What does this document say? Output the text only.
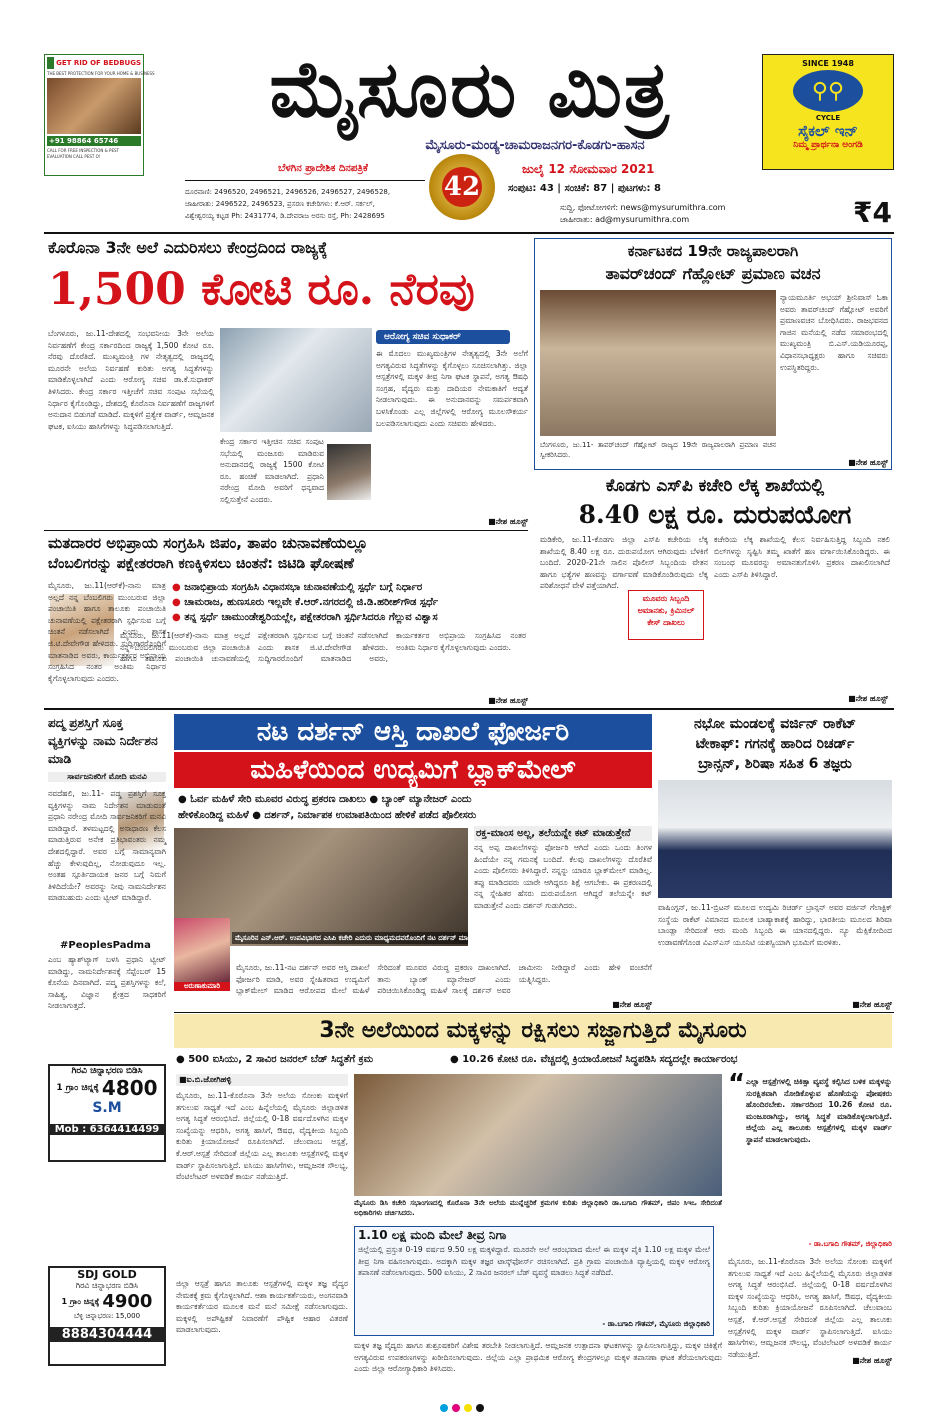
GET RID OF BEDBUGS
THE BEST PROTECTION FOR YOUR HOME & BUSINESS
+91 98864 65746
CALL FOR FREE INSPECTION & PEST EVALUATION CALL PEST O!
ಮೈಸೂರು ಮಿತ್ರ
ಮೈಸೂರು-ಮಂಡ್ಯ-ಚಾಮರಾಜನಗರ-ಕೊಡಗು-ಹಾಸನ
ಬೆಳಗಿನ ಪ್ರಾದೇಶಿಕ ದಿನಪತ್ರಿಕೆ
42
ಜುಲೈ 12 ಸೋಮವಾರ 2021
ದೂರವಾಣಿ: 2496520, 2496521, 2496526, 2496527, 2496528,
ಜಾಹೀರಾತು: 2496522, 2496523, ಪ್ರಸರಣ ಕಚೇರಿಗಳು: ಕೆ.ಆರ್. ಸರ್ಕಲ್,
ವಿಶ್ವೇಶ್ವರಯ್ಯ ಕಟ್ಟಡ Ph: 2431774, ಡಿ.ದೇವರಾಜ ಅರಸು ರಸ್ತೆ, Ph: 2428695
ಸಂಪುಟ: 43 | ಸಂಚಿಕೆ: 87 | ಪುಟಗಳು: 8
ಸುದ್ದಿ, ಫೋಟೋಗಳಿಗೆ: news@mysurumithra.com
ಜಾಹೀರಾತು: ad@mysurumithra.com	₹4
SINCE 1948
⚲⚲
CYCLE
ಸೈಕಲ್ ಇನ್
ನಿಮ್ಮ ಪ್ರಾರ್ಥನಾ ಅಂಗಡಿ
ಕೊರೊನಾ 3ನೇ ಅಲೆ ಎದುರಿಸಲು ಕೇಂದ್ರದಿಂದ ರಾಜ್ಯಕ್ಕೆ
1,500 ಕೋಟಿ ರೂ. ನೆರವು
ಬೆಂಗಳೂರು, ಜು.11-ದೇಶದಲ್ಲಿ ಸಂಭವನೀಯ 3ನೇ ಅಲೆಯ ನಿರ್ವಹಣೆಗೆ ಕೇಂದ್ರ ಸರ್ಕಾರದಿಂದ ರಾಜ್ಯಕ್ಕೆ 1,500 ಕೋಟಿ ರೂ. ನೆರವು ದೊರೆತಿದೆ. ಮುಖ್ಯಮಂತ್ರಿ ಗಳ ನೇತೃತ್ವದಲ್ಲಿ ರಾಜ್ಯದಲ್ಲಿ ಮೂರನೇ ಅಲೆಯ ನಿರ್ವಹಣೆ ಕುರಿತು ಅಗತ್ಯ ಸಿದ್ಧತೆಗಳನ್ನು ಮಾಡಿಕೊಳ್ಳಲಾಗಿದೆ ಎಂದು ಆರೋಗ್ಯ ಸಚಿವ ಡಾ.ಕೆ.ಸುಧಾಕರ್ ತಿಳಿಸಿದರು. ಕೇಂದ್ರ ಸರ್ಕಾರ ಇತ್ತೀಚೆಗೆ ಸಚಿವ ಸಂಪುಟ ಸಭೆಯಲ್ಲಿ ನಿರ್ಧಾರ ಕೈಗೊಂಡಿದ್ದು, ದೇಶದಲ್ಲಿ ಕೊರೊನಾ ನಿರ್ವಹಣೆಗೆ ರಾಜ್ಯಗಳಿಗೆ ಅನುದಾನ ಬಿಡುಗಡೆ ಮಾಡಿದೆ. ಮಕ್ಕಳಿಗೆ ಪ್ರತ್ಯೇಕ ವಾರ್ಡ್, ಆಮ್ಲಜನಕ ಘಟಕ, ಐಸಿಯು ಹಾಸಿಗೆಗಳನ್ನು ಸಿದ್ಧಪಡಿಸಲಾಗುತ್ತಿದೆ.
ಕೇಂದ್ರ ಸರ್ಕಾರ ಇತ್ತೀಚಿನ ಸಚಿವ ಸಂಪುಟ ಸಭೆಯಲ್ಲಿ ಮಂಜೂರು ಮಾಡಿರುವ ಅನುದಾನದಲ್ಲಿ ರಾಜ್ಯಕ್ಕೆ 1500 ಕೋಟಿ ರೂ. ಹಂಚಿಕೆ ಮಾಡಲಾಗಿದೆ. ಪ್ರಧಾನಿ ನರೇಂದ್ರ ಮೋದಿ ಅವರಿಗೆ ಧನ್ಯವಾದ ಸಲ್ಲಿಸುತ್ತೇನೆ ಎಂದರು.
ಆರೋಗ್ಯ ಸಚಿವ ಸುಧಾಕರ್
ಈ ಮೊದಲು ಮುಖ್ಯಮಂತ್ರಿಗಳ ನೇತೃತ್ವದಲ್ಲಿ 3ನೇ ಅಲೆಗೆ ಅಗತ್ಯವಿರುವ ಸಿದ್ಧತೆಗಳನ್ನು ಕೈಗೊಳ್ಳಲು ಸೂಚಿಸಲಾಗಿತ್ತು. ಜಿಲ್ಲಾ ಆಸ್ಪತ್ರೆಗಳಲ್ಲಿ ಮಕ್ಕಳ ತೀವ್ರ ನಿಗಾ ಘಟಕ ಸ್ಥಾಪನೆ, ಅಗತ್ಯ ಔಷಧಿ ಸಂಗ್ರಹ, ವೈದ್ಯರು ಮತ್ತು ದಾದಿಯರ ನೇಮಕಾತಿಗೆ ಆದ್ಯತೆ ನೀಡಲಾಗುವುದು. ಈ ಅನುದಾನವನ್ನು ಸಮರ್ಪಕವಾಗಿ ಬಳಸಿಕೊಂಡು ಎಲ್ಲ ಜಿಲ್ಲೆಗಳಲ್ಲಿ ಆರೋಗ್ಯ ಮೂಲಸೌಕರ್ಯ ಬಲಪಡಿಸಲಾಗುವುದು ಎಂದು ಸಚಿವರು ಹೇಳಿದರು.
■ನೇಶ ಹೂಸ್ಟ್
ಕರ್ನಾಟಕದ 19ನೇ ರಾಜ್ಯಪಾಲರಾಗಿ
ತಾವರ್‌ಚಂದ್ ಗೆಹ್ಲೋಟ್ ಪ್ರಮಾಣ ವಚನ
ನ್ಯಾಯಮೂರ್ತಿ ಅಭಯ್ ಶ್ರೀನಿವಾಸ್ ಓಕಾ ಅವರು ತಾವರ್‌ಚಂದ್ ಗೆಹ್ಲೋಟ್ ಅವರಿಗೆ ಪ್ರಮಾಣವಚನ ಬೋಧಿಸಿದರು. ರಾಜಭವನದ ಗಾಜಿನ ಮನೆಯಲ್ಲಿ ನಡೆದ ಸಮಾರಂಭದಲ್ಲಿ ಮುಖ್ಯಮಂತ್ರಿ ಬಿ.ಎಸ್.ಯಡಿಯೂರಪ್ಪ, ವಿಧಾನಸಭಾಧ್ಯಕ್ಷರು ಹಾಗೂ ಸಚಿವರು ಉಪಸ್ಥಿತರಿದ್ದರು.
ಬೆಂಗಳೂರು, ಜು.11- ತಾವರ್‌ಚಂದ್ ಗೆಹ್ಲೋಟ್ ರಾಜ್ಯದ 19ನೇ ರಾಜ್ಯಪಾಲರಾಗಿ ಪ್ರಮಾಣ ವಚನ ಸ್ವೀಕರಿಸಿದರು.
■ನೇಶ ಹೂಸ್ಟ್
ಕೊಡಗು ಎಸ್‌ಪಿ ಕಚೇರಿ ಲೆಕ್ಕ ಶಾಖೆಯಲ್ಲಿ
8.40 ಲಕ್ಷ ರೂ. ದುರುಪಯೋಗ
ಮಡಿಕೇರಿ, ಜು.11-ಕೊಡಗು ಜಿಲ್ಲಾ ಎಸ್‌ಪಿ ಕಚೇರಿಯ ಲೆಕ್ಕ ಶಾಖೆಯಲ್ಲಿ 8.40 ಲಕ್ಷ ರೂ. ದುರುಪಯೋಗ ಆಗಿರುವುದು ಬೆಳಕಿಗೆ ಬಂದಿದೆ. 2020-21ನೇ ಸಾಲಿನ ಪೊಲೀಸ್ ಸಿಬ್ಬಂದಿಯ ವೇತನ ಹಾಗೂ ಭತ್ಯೆಗಳ ಹಣವನ್ನು ವರ್ಗಾವಣೆ ಮಾಡಿಕೊಂಡಿರುವುದು ಲೆಕ್ಕ ಪರಿಶೋಧನೆ ವೇಳೆ ಪತ್ತೆಯಾಗಿದೆ.
ಮೂವರು ಸಿಬ್ಬಂದಿ ಅಮಾನತು, ಕ್ರಿಮಿನಲ್ ಕೇಸ್ ದಾಖಲು
ಕಚೇರಿಯ ಲೆಕ್ಕ ಶಾಖೆಯಲ್ಲಿ ಕೆಲಸ ನಿರ್ವಹಿಸುತ್ತಿದ್ದ ಸಿಬ್ಬಂದಿ ನಕಲಿ ಬಿಲ್‌ಗಳನ್ನು ಸೃಷ್ಟಿಸಿ ತಮ್ಮ ಖಾತೆಗೆ ಹಣ ವರ್ಗಾಯಿಸಿಕೊಂಡಿದ್ದರು. ಈ ಸಂಬಂಧ ಮೂವರನ್ನು ಅಮಾನತುಗೊಳಿಸಿ ಪ್ರಕರಣ ದಾಖಲಿಸಲಾಗಿದೆ ಎಂದು ಎಸ್‌ಪಿ ತಿಳಿಸಿದ್ದಾರೆ.
■ನೇಶ ಹೂಸ್ಟ್
ಮತದಾರರ ಅಭಿಪ್ರಾಯ ಸಂಗ್ರಹಿಸಿ ಜಿಪಂ, ತಾಪಂ ಚುನಾವಣೆಯಲ್ಲೂ
ಬೆಂಬಲಿಗರನ್ನು ಪಕ್ಷೇತರರಾಗಿ ಕಣಕ್ಕಿಳಿಸಲು ಚಿಂತನೆ: ಜಿಟಿಡಿ ಘೋಷಣೆ
● ಜನಾಭಿಪ್ರಾಯ ಸಂಗ್ರಹಿಸಿ ವಿಧಾನಸಭಾ ಚುನಾವಣೆಯಲ್ಲಿ ಸ್ಪರ್ಧೆ ಬಗ್ಗೆ ನಿರ್ಧಾರ
● ಚಾಮರಾಜ, ಹುಣಸೂರು ಇಲ್ಲವೇ ಕೆ.ಆರ್.ನಗರದಲ್ಲಿ ಜಿ.ಡಿ.ಹರೀಶ್‌ಗೌಡ ಸ್ಪರ್ಧೆ
● ತನ್ನ ಸ್ಪರ್ಧೆ ಚಾಮುಂಡೇಶ್ವರಿಯಲ್ಲೇ, ಪಕ್ಷೇತರರಾಗಿ ಸ್ಪರ್ಧಿಸಿದರೂ ಗೆಲ್ಲುವ ವಿಶ್ವಾಸ
ಮೈಸೂರು, ಜು.11(ಆರ್‌ಕೆ)-ನಾನು ಮಾತ್ರ ಅಲ್ಲದೆ ನನ್ನ ಬೆಂಬಲಿಗರು ಮುಂಬರುವ ಜಿಲ್ಲಾ ಪಂಚಾಯಿತಿ ಹಾಗೂ ತಾಲೂಕು ಪಂಚಾಯಿತಿ ಚುನಾವಣೆಯಲ್ಲಿ ಪಕ್ಷೇತರರಾಗಿ ಸ್ಪರ್ಧಿಸುವ ಬಗ್ಗೆ ಚಿಂತನೆ ನಡೆಸಲಾಗಿದೆ ಎಂದು ಶಾಸಕ ಜಿ.ಟಿ.ದೇವೇಗೌಡ ಹೇಳಿದರು. ಸುದ್ದಿಗಾರರೊಂದಿಗೆ ಮಾತನಾಡಿದ ಅವರು, ಕಾರ್ಯಕರ್ತರ ಅಭಿಪ್ರಾಯ ಸಂಗ್ರಹಿಸಿದ ನಂತರ ಅಂತಿಮ ನಿರ್ಧಾರ ಕೈಗೊಳ್ಳಲಾಗುವುದು ಎಂದರು.
ಮೈಸೂರು, ಜು.11(ಆರ್‌ಕೆ)-ನಾನು ಮಾತ್ರ ಅಲ್ಲದೆ ನನ್ನ ಬೆಂಬಲಿಗರು ಮುಂಬರುವ ಜಿಲ್ಲಾ ಪಂಚಾಯಿತಿ ಹಾಗೂ ತಾಲೂಕು ಪಂಚಾಯಿತಿ ಚುನಾವಣೆಯಲ್ಲಿ ಪಕ್ಷೇತರರಾಗಿ ಸ್ಪರ್ಧಿಸುವ ಬಗ್ಗೆ ಚಿಂತನೆ ನಡೆಸಲಾಗಿದೆ ಎಂದು ಶಾಸಕ ಜಿ.ಟಿ.ದೇವೇಗೌಡ ಹೇಳಿದರು. ಸುದ್ದಿಗಾರರೊಂದಿಗೆ ಮಾತನಾಡಿದ ಅವರು, ಕಾರ್ಯಕರ್ತರ ಅಭಿಪ್ರಾಯ ಸಂಗ್ರಹಿಸಿದ ನಂತರ ಅಂತಿಮ ನಿರ್ಧಾರ ಕೈಗೊಳ್ಳಲಾಗುವುದು ಎಂದರು.
■ನೇಶ ಹೂಸ್ಟ್
ಪದ್ಮ ಪ್ರಶಸ್ತಿಗೆ ಸೂಕ್ತ ವ್ಯಕ್ತಿಗಳನ್ನು ನಾಮ ನಿರ್ದೇಶನ ಮಾಡಿ
ಸಾರ್ವಜನಿಕರಿಗೆ ಮೋದಿ ಮನವಿ
ನವದೆಹಲಿ, ಜು.11- ಪದ್ಮ ಪ್ರಶಸ್ತಿಗೆ ಸೂಕ್ತ ವ್ಯಕ್ತಿಗಳನ್ನು ನಾಮ ನಿರ್ದೇಶನ ಮಾಡುವಂತೆ ಪ್ರಧಾನಿ ನರೇಂದ್ರ ಮೋದಿ ಸಾರ್ವಜನಿಕರಿಗೆ ಮನವಿ ಮಾಡಿದ್ದಾರೆ. ತಳಮಟ್ಟದಲ್ಲಿ ಅಸಾಧಾರಣ ಕೆಲಸ ಮಾಡುತ್ತಿರುವ ಅನೇಕ ಪ್ರತಿಭಾವಂತರು ನಮ್ಮ ದೇಶದಲ್ಲಿದ್ದಾರೆ. ಅವರ ಬಗ್ಗೆ ಸಾಮಾನ್ಯವಾಗಿ ಹೆಚ್ಚು ಕೇಳುವುದಿಲ್ಲ, ನೋಡುವುದೂ ಇಲ್ಲ. ಅಂತಹ ಸ್ಪೂರ್ತಿದಾಯಕ ಜನರ ಬಗ್ಗೆ ನಿಮಗೆ ತಿಳಿದಿದೆಯೇ? ಅವರನ್ನು ನೀವು ನಾಮನಿರ್ದೇಶನ ಮಾಡಬಹುದು ಎಂದು ಟ್ವೀಟ್ ಮಾಡಿದ್ದಾರೆ.
#PeoplesPadma
ಎಂಬ ಹ್ಯಾಶ್‌ಟ್ಯಾಗ್ ಬಳಸಿ ಪ್ರಧಾನಿ ಟ್ವೀಟ್ ಮಾಡಿದ್ದು, ನಾಮನಿರ್ದೇಶನಕ್ಕೆ ಸೆಪ್ಟೆಂಬರ್ 15 ಕೊನೆಯ ದಿನವಾಗಿದೆ. ಪದ್ಮ ಪ್ರಶಸ್ತಿಗಳನ್ನು ಕಲೆ, ಸಾಹಿತ್ಯ, ವಿಜ್ಞಾನ ಕ್ಷೇತ್ರದ ಸಾಧಕರಿಗೆ ನೀಡಲಾಗುತ್ತದೆ.
ಗಿರವಿ ಚಿನ್ನಾಭರಣ ಬಿಡಿಸಿ
1 ಗ್ರಾಂ ಚಿನ್ನಕ್ಕೆ 4800
S.M
Mob : 6364414499
SDJ GOLD
ಗಿರವಿ ಚಿನ್ನಾಭರಣ ಬಿಡಿಸಿ
1 ಗ್ರಾಂ ಚಿನ್ನಕ್ಕೆ 4900
ಬೆಳ್ಳಿ ಚಿನ್ನಾಭರಣ: 15,000
8884304444
ನಟ ದರ್ಶನ್ ಆಸ್ತಿ ದಾಖಲೆ ಫೋರ್ಜರಿ
ಮಹಿಳೆಯಿಂದ ಉದ್ಯಮಿಗೆ ಬ್ಲಾಕ್‌ಮೇಲ್
● ಓರ್ವ ಮಹಿಳೆ ಸೇರಿ ಮೂವರ ವಿರುದ್ಧ ಪ್ರಕರಣ ದಾಖಲು ● ಬ್ಯಾಂಕ್ ಮ್ಯಾನೇಜರ್ ಎಂದು
ಹೇಳಿಕೊಂಡಿದ್ದ ಮಹಿಳೆ ● ದರ್ಶನ್, ನಿರ್ಮಾಪಕ ಉಮಾಪತಿಯಿಂದ ಹೇಳಿಕೆ ಪಡೆದ ಪೊಲೀಸರು
ಮೈಸೂರಿನ ಎನ್.ಆರ್. ಉಪವಿಭಾಗದ ಎಸಿಪಿ ಕಚೇರಿ ಎದುರು ಮಾಧ್ಯಮದವರೊಂದಿಗೆ ನಟ ದರ್ಶನ್ ಮಾತನಾಡಿದರು.
ಅರುಣಾಕುಮಾರಿ
ರಕ್ತ-ಮಾಂಸ ಅಲ್ಲ, ತಲೆಯನ್ನೇ ಕಟ್ ಮಾಡುತ್ತೇನೆ
ನನ್ನ ಅಪ್ಪ ದಾಖಲೆಗಳನ್ನು ಫೋರ್ಜರಿ ಆಗಿದೆ ಎಂದು ಒಂದು ತಿಂಗಳ ಹಿಂದೆಯೇ ನನ್ನ ಗಮನಕ್ಕೆ ಬಂದಿದೆ. ಕೆಲವು ದಾಖಲೆಗಳನ್ನು ದೊರೆತಿವೆ ಎಂದು ಪೊಲೀಸರು ತಿಳಿಸಿದ್ದಾರೆ. ನನ್ನನ್ನು ಯಾರೂ ಬ್ಲಾಕ್‌ಮೇಲ್ ಮಾಡಿಲ್ಲ. ತಪ್ಪು ಮಾಡಿದವರು ಯಾರೇ ಆಗಿದ್ದರೂ ಶಿಕ್ಷೆ ಆಗಬೇಕು. ಈ ಪ್ರಕರಣದಲ್ಲಿ ನನ್ನ ಸ್ನೇಹಿತರ ಹೆಸರು ದುರುಪಯೋಗ ಆಗಿದ್ದರೆ ತಲೆಯನ್ನೇ ಕಟ್ ಮಾಡುತ್ತೇನೆ ಎಂದು ದರ್ಶನ್ ಗುಡುಗಿದರು.
ಮೈಸೂರು, ಜು.11-ನಟ ದರ್ಶನ್ ಅವರ ಆಸ್ತಿ ದಾಖಲೆ ಫೋರ್ಜರಿ ಮಾಡಿ, ಅವರ ಸ್ನೇಹಿತರಾದ ಉದ್ಯಮಿಗೆ ಬ್ಲಾಕ್‌ಮೇಲ್ ಮಾಡಿದ ಆರೋಪದ ಮೇಲೆ ಮಹಿಳೆ ಸೇರಿದಂತೆ ಮೂವರ ವಿರುದ್ಧ ಪ್ರಕರಣ ದಾಖಲಾಗಿದೆ. ತಾನು ಬ್ಯಾಂಕ್ ಮ್ಯಾನೇಜರ್ ಎಂದು ಪರಿಚಯಿಸಿಕೊಂಡಿದ್ದ ಮಹಿಳೆ ಸಾಲಕ್ಕೆ ದರ್ಶನ್ ಅವರ ಜಾಮೀನು ನೀಡಿದ್ದಾರೆ ಎಂದು ಹೇಳಿ ವಂಚನೆಗೆ ಯತ್ನಿಸಿದ್ದರು.
■ನೇಶ ಹೂಸ್ಟ್
ನಭೋ ಮಂಡಲಕ್ಕೆ ವರ್ಜಿನ್ ರಾಕೆಟ್
ಟೇಕಾಫ್: ಗಗನಕ್ಕೆ ಹಾರಿದ ರಿಚರ್ಡ್
ಬ್ರಾನ್ಸನ್, ಶಿರಿಷಾ ಸಹಿತ 6 ತಜ್ಞರು
ವಾಷಿಂಗ್ಟನ್, ಜು.11-ಬ್ರಿಟನ್ ಮೂಲದ ಉದ್ಯಮಿ ರಿಚರ್ಡ್ ಬ್ರಾನ್ಸನ್ ಅವರ ವರ್ಜಿನ್ ಗೆಲಾಕ್ಟಿಕ್ ಸಂಸ್ಥೆಯ ರಾಕೆಟ್ ವಿಮಾನದ ಮೂಲಕ ಬಾಹ್ಯಾಕಾಶಕ್ಕೆ ಹಾರಿದ್ದು, ಭಾರತೀಯ ಮೂಲದ ಶಿರಿಷಾ ಬಾಂಡ್ಲಾ ಸೇರಿದಂತೆ ಆರು ಮಂದಿ ಸಿಬ್ಬಂದಿ ಈ ಯಾನದಲ್ಲಿದ್ದರು. ನ್ಯೂ ಮೆಕ್ಸಿಕೋದಿಂದ ಉಡಾವಣೆಗೊಂಡ ವಿಎಸ್‌ಎಸ್ ಯೂನಿಟಿ ಯಶಸ್ವಿಯಾಗಿ ಭೂಮಿಗೆ ಮರಳಿತು.
■ನೇಶ ಹೂಸ್ಟ್
3ನೇ ಅಲೆಯಿಂದ ಮಕ್ಕಳನ್ನು ರಕ್ಷಿಸಲು ಸಜ್ಜಾಗುತ್ತಿದೆ ಮೈಸೂರು
● 500 ಐಸಿಯು, 2 ಸಾವಿರ ಜನರಲ್ ಬೆಡ್ ಸಿದ್ಧತೆಗೆ ಕ್ರಮ	● 10.26 ಕೋಟಿ ರೂ. ವೆಚ್ಚದಲ್ಲಿ ಕ್ರಿಯಾಯೋಜನೆ ಸಿದ್ಧಪಡಿಸಿ ಸದ್ಯದಲ್ಲೇ ಕಾರ್ಯಾರಂಭ
■ಐ.ಬಿ.ಜೋಗಿಹಳ್ಳಿ
ಮೈಸೂರು, ಜು.11-ಕೊರೊನಾ 3ನೇ ಅಲೆಯ ಸೋಂಕು ಮಕ್ಕಳಿಗೆ ತಗುಲುವ ಸಾಧ್ಯತೆ ಇದೆ ಎಂಬ ಹಿನ್ನೆಲೆಯಲ್ಲಿ ಮೈಸೂರು ಜಿಲ್ಲಾಡಳಿತ ಅಗತ್ಯ ಸಿದ್ಧತೆ ಆರಂಭಿಸಿದೆ. ಜಿಲ್ಲೆಯಲ್ಲಿ 0-18 ವರ್ಷದೊಳಗಿನ ಮಕ್ಕಳ ಸಂಖ್ಯೆಯನ್ನು ಆಧರಿಸಿ, ಅಗತ್ಯ ಹಾಸಿಗೆ, ಔಷಧ, ವೈದ್ಯಕೀಯ ಸಿಬ್ಬಂದಿ ಕುರಿತು ಕ್ರಿಯಾಯೋಜನೆ ರೂಪಿಸಲಾಗಿದೆ. ಚೆಲುವಾಂಬ ಆಸ್ಪತ್ರೆ, ಕೆ.ಆರ್.ಆಸ್ಪತ್ರೆ ಸೇರಿದಂತೆ ಜಿಲ್ಲೆಯ ಎಲ್ಲ ತಾಲೂಕು ಆಸ್ಪತ್ರೆಗಳಲ್ಲಿ ಮಕ್ಕಳ ವಾರ್ಡ್ ಸ್ಥಾಪಿಸಲಾಗುತ್ತಿದೆ. ಐಸಿಯು ಹಾಸಿಗೆಗಳು, ಆಮ್ಲಜನಕ ಸೌಲಭ್ಯ, ವೆಂಟಿಲೇಟರ್ ಅಳವಡಿಕೆ ಕಾರ್ಯ ನಡೆಯುತ್ತಿದೆ.
ಜಿಲ್ಲಾ ಆಸ್ಪತ್ರೆ ಹಾಗೂ ತಾಲೂಕು ಆಸ್ಪತ್ರೆಗಳಲ್ಲಿ ಮಕ್ಕಳ ತಜ್ಞ ವೈದ್ಯರ ನೇಮಕಕ್ಕೆ ಕ್ರಮ ಕೈಗೊಳ್ಳಲಾಗಿದೆ. ಆಶಾ ಕಾರ್ಯಕರ್ತೆಯರು, ಅಂಗನವಾಡಿ ಕಾರ್ಯಕರ್ತೆಯರ ಮೂಲಕ ಮನೆ ಮನೆ ಸಮೀಕ್ಷೆ ನಡೆಸಲಾಗುವುದು. ಮಕ್ಕಳಲ್ಲಿ ಅಪೌಷ್ಟಿಕತೆ ನಿವಾರಣೆಗೆ ಪೌಷ್ಟಿಕ ಆಹಾರ ವಿತರಣೆ ಮಾಡಲಾಗುವುದು.
ಮೈಸೂರು ಡಿಸಿ ಕಚೇರಿ ಸಭಾಂಗಣದಲ್ಲಿ ಕೊರೊನಾ 3ನೇ ಅಲೆಯ ಮುನ್ನೆಚ್ಚರಿಕೆ ಕ್ರಮಗಳ ಕುರಿತು ಜಿಲ್ಲಾಧಿಕಾರಿ ಡಾ.ಬಗಾದಿ ಗೌತಮ್, ಜಿಪಂ ಸಿಇಒ ಸೇರಿದಂತೆ ಅಧಿಕಾರಿಗಳು ಚರ್ಚಿಸಿದರು.
1.10 ಲಕ್ಷ ಮಂದಿ ಮೇಲೆ ತೀವ್ರ ನಿಗಾ
ಜಿಲ್ಲೆಯಲ್ಲಿ ಪ್ರಸ್ತುತ 0-19 ವರ್ಷದ 9.50 ಲಕ್ಷ ಮಕ್ಕಳಿದ್ದಾರೆ. ಮೂರನೇ ಅಲೆ ಆರಂಭವಾದ ಮೇಲೆ ಈ ಮಕ್ಕಳ ಪೈಕಿ 1.10 ಲಕ್ಷ ಮಕ್ಕಳ ಮೇಲೆ ತೀವ್ರ ನಿಗಾ ವಹಿಸಲಾಗುವುದು. ಅದಕ್ಕಾಗಿ ಮಕ್ಕಳ ತಜ್ಞರ ಟಾಸ್ಕ್‌ಫೋರ್ಸ್ ರಚಿಸಲಾಗಿದೆ. ಪ್ರತಿ ಗ್ರಾಮ ಪಂಚಾಯಿತಿ ವ್ಯಾಪ್ತಿಯಲ್ಲಿ ಮಕ್ಕಳ ಆರೋಗ್ಯ ತಪಾಸಣೆ ನಡೆಸಲಾಗುವುದು. 500 ಐಸಿಯು, 2 ಸಾವಿರ ಜನರಲ್ ಬೆಡ್ ವ್ಯವಸ್ಥೆ ಮಾಡಲು ಸಿದ್ಧತೆ ನಡೆದಿದೆ.
- ಡಾ.ಬಗಾದಿ ಗೌತಮ್, ಮೈಸೂರು ಜಿಲ್ಲಾಧಿಕಾರಿ
ಮಕ್ಕಳ ತಜ್ಞ ವೈದ್ಯರು ಹಾಗೂ ಶುಶ್ರೂಷಕರಿಗೆ ವಿಶೇಷ ತರಬೇತಿ ನೀಡಲಾಗುತ್ತಿದೆ. ಆಮ್ಲಜನಕ ಉತ್ಪಾದನಾ ಘಟಕಗಳನ್ನು ಸ್ಥಾಪಿಸಲಾಗುತ್ತಿದ್ದು, ಮಕ್ಕಳ ಚಿಕಿತ್ಸೆಗೆ ಅಗತ್ಯವಿರುವ ಉಪಕರಣಗಳನ್ನು ಖರೀದಿಸಲಾಗುವುದು. ಜಿಲ್ಲೆಯ ಎಲ್ಲಾ ಪ್ರಾಥಮಿಕ ಆರೋಗ್ಯ ಕೇಂದ್ರಗಳಲ್ಲೂ ಮಕ್ಕಳ ತಪಾಸಣಾ ಘಟಕ ತೆರೆಯಲಾಗುವುದು ಎಂದು ಜಿಲ್ಲಾ ಆರೋಗ್ಯಾಧಿಕಾರಿ ತಿಳಿಸಿದರು.
“ ಎಲ್ಲಾ ಆಸ್ಪತ್ರೆಗಳಲ್ಲಿ ಚಿಕಿತ್ಸಾ ವ್ಯವಸ್ಥೆ ಕಲ್ಪಿಸಿದ ಬಳಿಕ ಮಕ್ಕಳನ್ನು ಸುರಕ್ಷಿತವಾಗಿ ನೋಡಿಕೊಳ್ಳುವ ಹೊಣೆಯನ್ನು ಪೋಷಕರು ಹೊಂದಿರಬೇಕು. ಸರ್ಕಾರದಿಂದ 10.26 ಕೋಟಿ ರೂ. ಮಂಜೂರಾಗಿದ್ದು, ಅಗತ್ಯ ಸಿದ್ಧತೆ ಮಾಡಿಕೊಳ್ಳಲಾಗುತ್ತಿದೆ. ಜಿಲ್ಲೆಯ ಎಲ್ಲ ತಾಲೂಕು ಆಸ್ಪತ್ರೆಗಳಲ್ಲಿ ಮಕ್ಕಳ ವಾರ್ಡ್ ಸ್ಥಾಪನೆ ಮಾಡಲಾಗುವುದು.
- ಡಾ.ಬಗಾದಿ ಗೌತಮ್, ಜಿಲ್ಲಾಧಿಕಾರಿ
ಮೈಸೂರು, ಜು.11-ಕೊರೊನಾ 3ನೇ ಅಲೆಯ ಸೋಂಕು ಮಕ್ಕಳಿಗೆ ತಗುಲುವ ಸಾಧ್ಯತೆ ಇದೆ ಎಂಬ ಹಿನ್ನೆಲೆಯಲ್ಲಿ ಮೈಸೂರು ಜಿಲ್ಲಾಡಳಿತ ಅಗತ್ಯ ಸಿದ್ಧತೆ ಆರಂಭಿಸಿದೆ. ಜಿಲ್ಲೆಯಲ್ಲಿ 0-18 ವರ್ಷದೊಳಗಿನ ಮಕ್ಕಳ ಸಂಖ್ಯೆಯನ್ನು ಆಧರಿಸಿ, ಅಗತ್ಯ ಹಾಸಿಗೆ, ಔಷಧ, ವೈದ್ಯಕೀಯ ಸಿಬ್ಬಂದಿ ಕುರಿತು ಕ್ರಿಯಾಯೋಜನೆ ರೂಪಿಸಲಾಗಿದೆ. ಚೆಲುವಾಂಬ ಆಸ್ಪತ್ರೆ, ಕೆ.ಆರ್.ಆಸ್ಪತ್ರೆ ಸೇರಿದಂತೆ ಜಿಲ್ಲೆಯ ಎಲ್ಲ ತಾಲೂಕು ಆಸ್ಪತ್ರೆಗಳಲ್ಲಿ ಮಕ್ಕಳ ವಾರ್ಡ್ ಸ್ಥಾಪಿಸಲಾಗುತ್ತಿದೆ. ಐಸಿಯು ಹಾಸಿಗೆಗಳು, ಆಮ್ಲಜನಕ ಸೌಲಭ್ಯ, ವೆಂಟಿಲೇಟರ್ ಅಳವಡಿಕೆ ಕಾರ್ಯ ನಡೆಯುತ್ತಿದೆ.
■ನೇಶ ಹೂಸ್ಟ್
